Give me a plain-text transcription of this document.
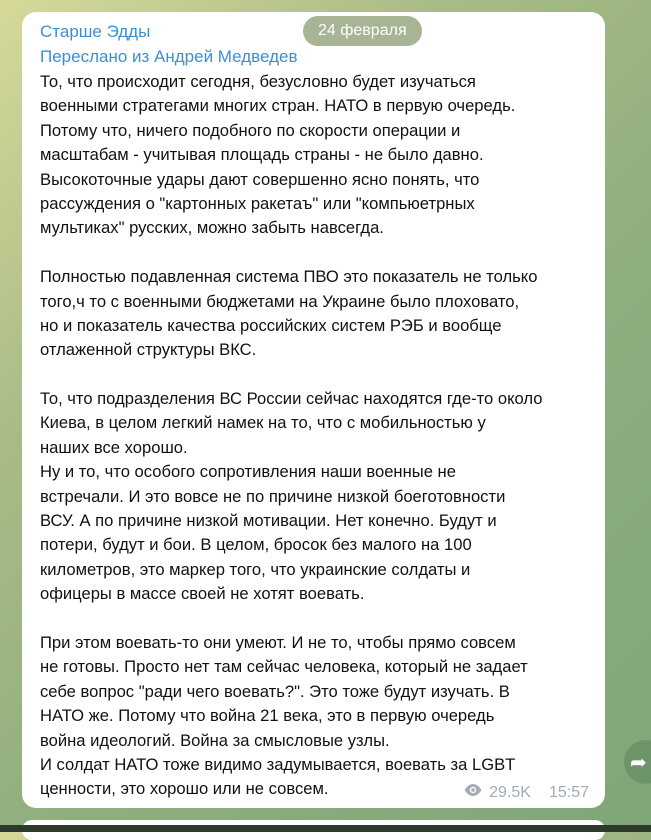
24 февраля
Старше Эдды
Переслано из Андрей Медведев
То, что происходит сегодня, безусловно будет изучаться
военными стратегами многих стран. НАТО в первую очередь.
Потому что, ничего подобного по скорости операции и
масштабам - учитывая площадь страны - не было давно.
Высокоточные удары дают совершенно ясно понять, что
рассуждения о "картонных ракетаъ" или "компьюетрных
мультиках" русских, можно забыть навсегда.
Полностью подавленная система ПВО это показатель не только
того,ч то с военными бюджетами на Украине было плоховато,
но и показатель качества российских систем РЭБ и вообще
отлаженной структуры ВКС.
То, что подразделения ВС России сейчас находятся где-то около
Киева, в целом легкий намек на то, что с мобильностью у
наших все хорошо.
Ну и то, что особого сопротивления наши военные не
встречали. И это вовсе не по причине низкой боеготовности
ВСУ. А по причине низкой мотивации. Нет конечно. Будут и
потери, будут и бои. В целом, бросок без малого на 100
километров, это маркер того, что украинские солдаты и
офицеры в массе своей не хотят воевать.
При этом воевать-то они умеют. И не то, чтобы прямо совсем
не готовы. Просто нет там сейчас человека, который не задает
себе вопрос "ради чего воевать?". Это тоже будут изучать. В
НАТО же. Потому что война 21 века, это в первую очередь
война идеологий. Война за смысловые узлы.
И солдат НАТО тоже видимо задумывается, воевать за LGBT
ценности, это хорошо или не совсем.	29.5K 15:57
➦
